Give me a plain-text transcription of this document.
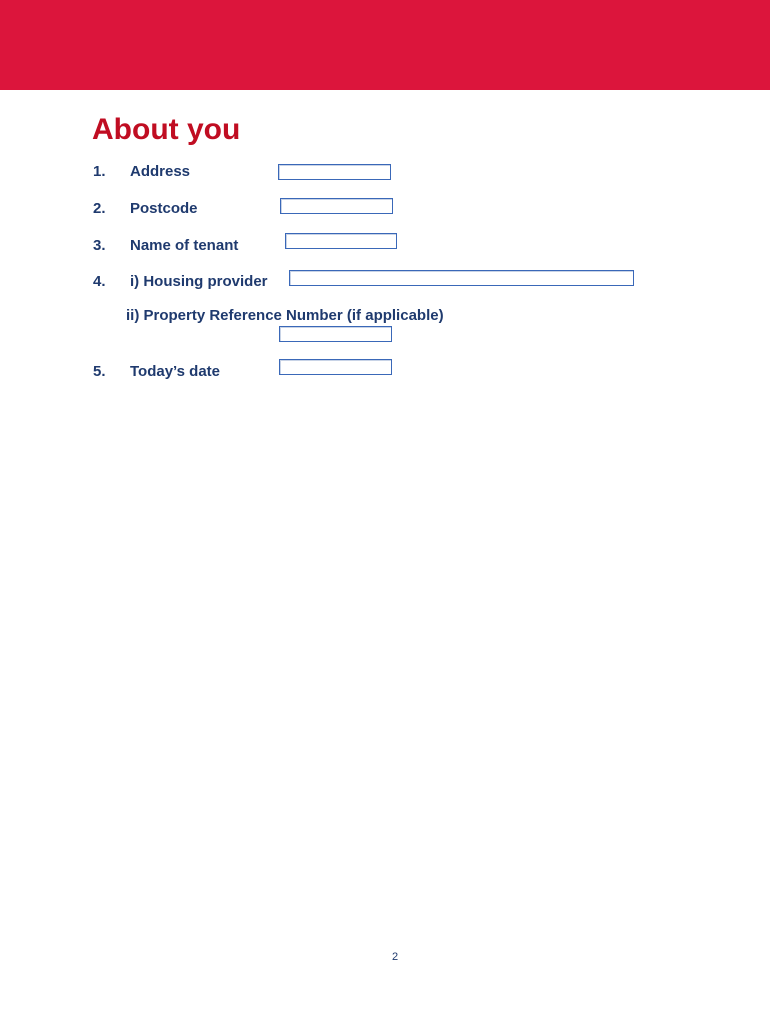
About you
1. Address
2. Postcode
3. Name of tenant
4. i) Housing provider
ii) Property Reference Number (if applicable)
5. Today’s date
2
